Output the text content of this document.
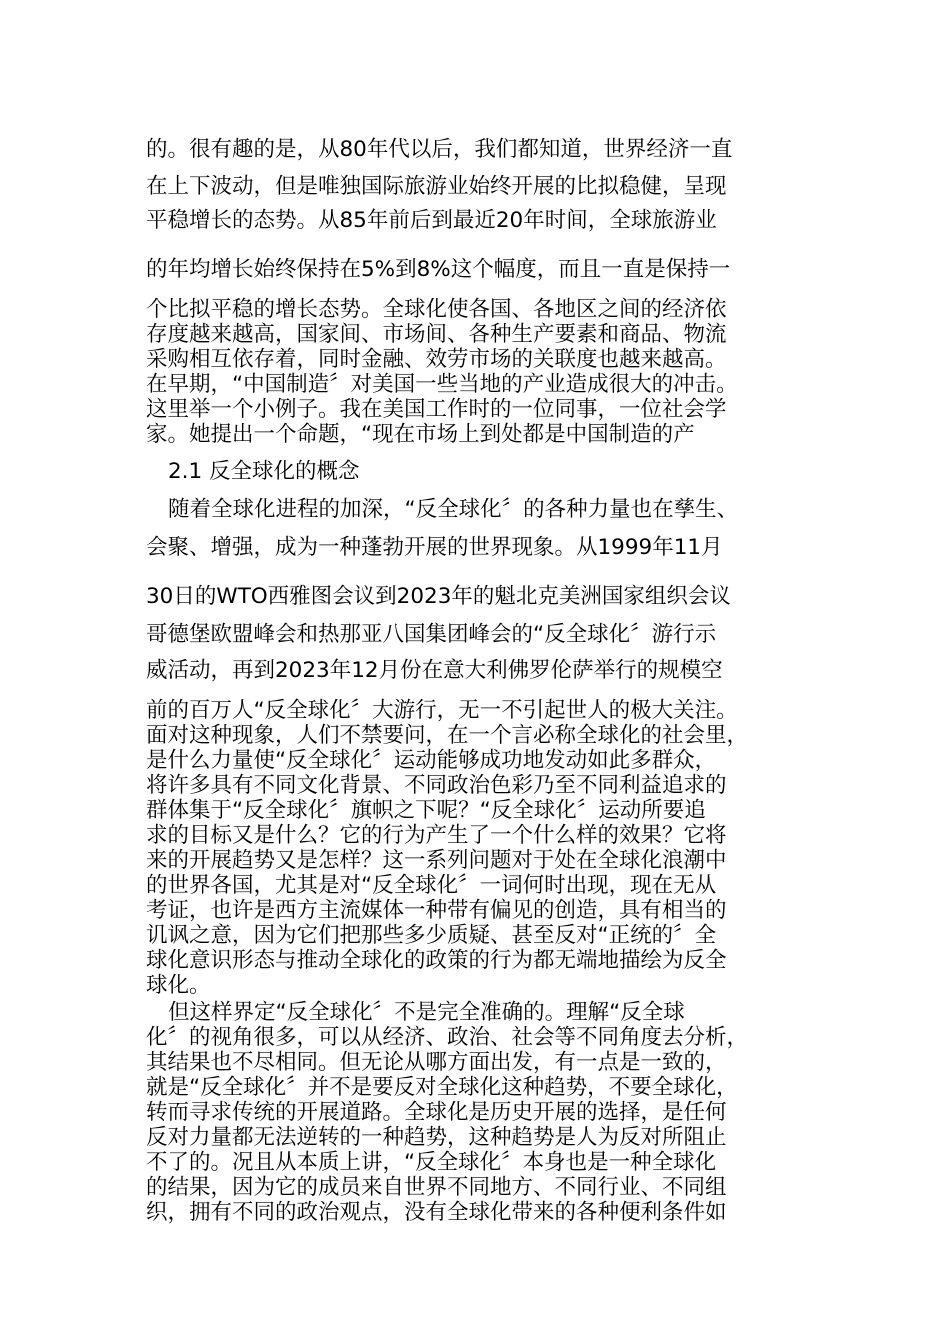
的。很有趣的是，从80年代以后，我们都知道，世界经济一直
在上下波动，但是唯独国际旅游业始终开展的比拟稳健，呈现
平稳增长的态势。从85年前后到最近20年时间，全球旅游业
的年均增长始终保持在5%到8%这个幅度，而且一直是保持一
个比拟平稳的增长态势。全球化使各国、各地区之间的经济依
存度越来越高，国家间、市场间、各种生产要素和商品、物流
采购相互依存着，同时金融、效劳市场的关联度也越来越高。
在早期，“中国制造〞对美国一些当地的产业造成很大的冲击。
这里举一个小例子。我在美国工作时的一位同事，一位社会学
家。她提出一个命题，“现在市场上到处都是中国制造的产
2.1 反全球化的概念
随着全球化进程的加深，“反全球化〞的各种力量也在孳生、
会聚、增强，成为一种蓬勃开展的世界现象。从1999年11月
30日的WTO西雅图会议到2023年的魁北克美洲国家组织会议
哥德堡欧盟峰会和热那亚八国集团峰会的“反全球化〞游行示
威活动，再到2023年12月份在意大利佛罗伦萨举行的规模空
前的百万人“反全球化〞大游行，无一不引起世人的极大关注。
面对这种现象，人们不禁要问，在一个言必称全球化的社会里，
是什么力量使“反全球化〞运动能够成功地发动如此多群众，
将许多具有不同文化背景、不同政治色彩乃至不同利益追求的
群体集于“反全球化〞旗帜之下呢？“反全球化〞运动所要追
求的目标又是什么？它的行为产生了一个什么样的效果？它将
来的开展趋势又是怎样？这一系列问题对于处在全球化浪潮中
的世界各国，尤其是对“反全球化〞一词何时出现，现在无从
考证，也许是西方主流媒体一种带有偏见的创造，具有相当的
讥讽之意，因为它们把那些多少质疑、甚至反对“正统的〞全
球化意识形态与推动全球化的政策的行为都无端地描绘为反全
球化。
但这样界定“反全球化〞不是完全准确的。理解“反全球
化〞的视角很多，可以从经济、政治、社会等不同角度去分析，
其结果也不尽相同。但无论从哪方面出发，有一点是一致的，
就是“反全球化〞并不是要反对全球化这种趋势，不要全球化，
转而寻求传统的开展道路。全球化是历史开展的选择，是任何
反对力量都无法逆转的一种趋势，这种趋势是人为反对所阻止
不了的。况且从本质上讲，“反全球化〞本身也是一种全球化
的结果，因为它的成员来自世界不同地方、不同行业、不同组
织，拥有不同的政治观点，没有全球化带来的各种便利条件如
